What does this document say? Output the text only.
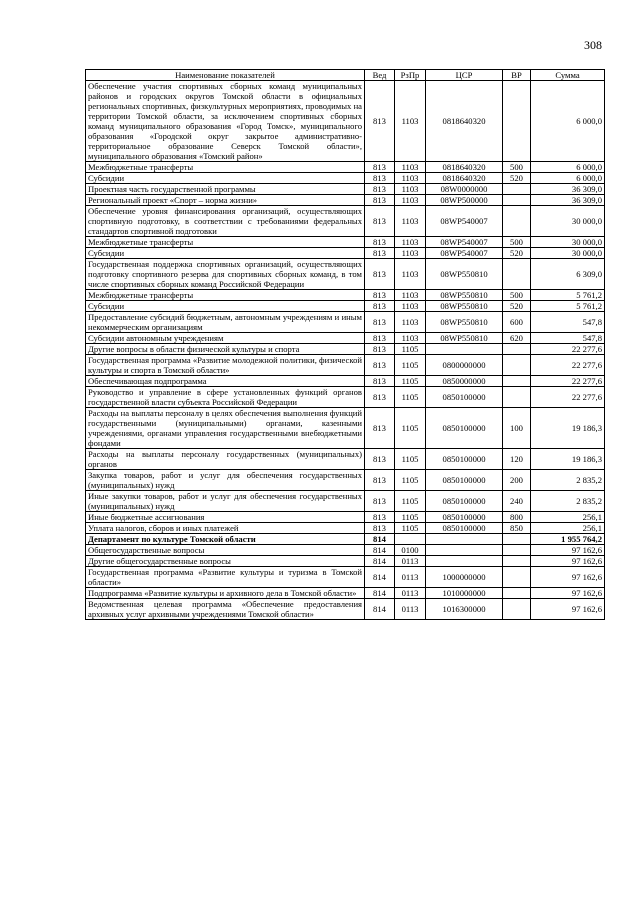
308
Наименование показателей	Вед	РзПр	ЦСР	ВР	Сумма
Обеспечение участия спортивных сборных команд муниципальных районов и городских округов Томской области в официальных региональных спортивных, физкультурных мероприятиях, проводимых на территории Томской области, за исключением спортивных сборных команд муниципального образования «Город Томск», муниципального образования «Городской округ закрытое административно-территориальное образование Северск Томской области», муниципального образования «Томский район»	813	1103	0818640320		6 000,0
Межбюджетные трансферты	813	1103	0818640320	500	6 000,0
Субсидии	813	1103	0818640320	520	6 000,0
Проектная часть государственной программы	813	1103	08W0000000		36 309,0
Региональный проект «Спорт – норма жизни»	813	1103	08WP500000		36 309,0
Обеспечение уровня финансирования организаций, осуществляющих спортивную подготовку, в соответствии с требованиями федеральных стандартов спортивной подготовки	813	1103	08WP540007		30 000,0
Межбюджетные трансферты	813	1103	08WP540007	500	30 000,0
Субсидии	813	1103	08WP540007	520	30 000,0
Государственная поддержка спортивных организаций, осуществляющих подготовку спортивного резерва для спортивных сборных команд, в том числе спортивных сборных команд Российской Федерации	813	1103	08WP550810		6 309,0
Межбюджетные трансферты	813	1103	08WP550810	500	5 761,2
Субсидии	813	1103	08WP550810	520	5 761,2
Предоставление субсидий бюджетным, автономным учреждениям и иным некоммерческим организациям	813	1103	08WP550810	600	547,8
Субсидии автономным учреждениям	813	1103	08WP550810	620	547,8
Другие вопросы в области физической культуры и спорта	813	1105			22 277,6
Государственная программа «Развитие молодежной политики, физической культуры и спорта в Томской области»	813	1105	0800000000		22 277,6
Обеспечивающая подпрограмма	813	1105	0850000000		22 277,6
Руководство и управление в сфере установленных функций органов государственной власти субъекта Российской Федерации	813	1105	0850100000		22 277,6
Расходы на выплаты персоналу в целях обеспечения выполнения функций государственными (муниципальными) органами, казенными учреждениями, органами управления государственными внебюджетными фондами	813	1105	0850100000	100	19 186,3
Расходы на выплаты персоналу государственных (муниципальных) органов	813	1105	0850100000	120	19 186,3
Закупка товаров, работ и услуг для обеспечения государственных (муниципальных) нужд	813	1105	0850100000	200	2 835,2
Иные закупки товаров, работ и услуг для обеспечения государственных (муниципальных) нужд	813	1105	0850100000	240	2 835,2
Иные бюджетные ассигнования	813	1105	0850100000	800	256,1
Уплата налогов, сборов и иных платежей	813	1105	0850100000	850	256,1
Департамент по культуре Томской области	814				1 955 764,2
Общегосударственные вопросы	814	0100			97 162,6
Другие общегосударственные вопросы	814	0113			97 162,6
Государственная программа «Развитие культуры и туризма в Томской области»	814	0113	1000000000		97 162,6
Подпрограмма «Развитие культуры и архивного дела в Томской области»	814	0113	1010000000		97 162,6
Ведомственная целевая программа «Обеспечение предоставления архивных услуг архивными учреждениями Томской области»	814	0113	1016300000		97 162,6
